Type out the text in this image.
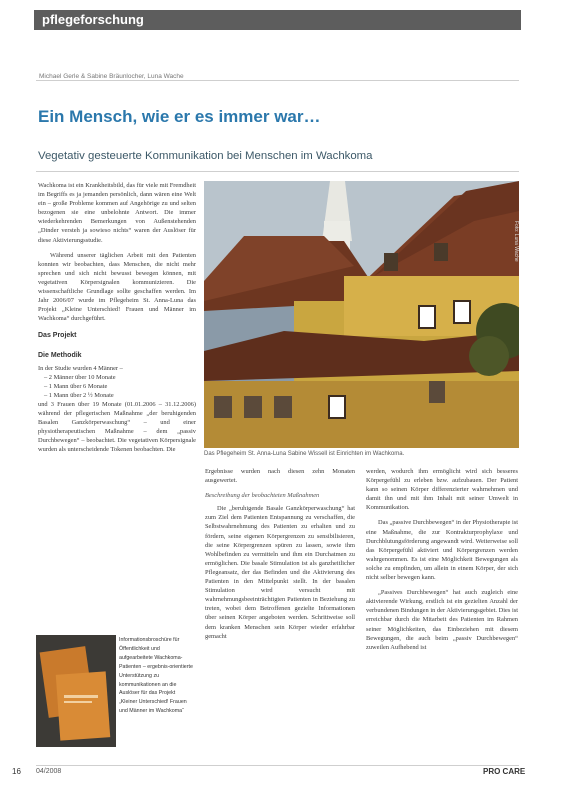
pflegeforschung
Michael Gerle & Sabine Bräunlocher, Luna Wache
Ein Mensch, wie er es immer war…
Vegetativ gesteuerte Kommunikation bei Menschen im Wachkoma

Wachkoma ist ein Krankheitsbild, das für viele mit Fremdheit im Begriffs es ja jemanden persönlich, dann wären eine Welt ein – große Probleme kommen auf Angehörige zu und selten bezogenen sie eine unbelohnte Antwort. Die immer wiederkehrenden Bemerkungen von Außenstehenden „Dinder versteh ja sowieso nichts“ waren der Auslöser für diese Aktivierungsstudie.

Während unserer täglichen Arbeit mit den Patienten konnten wir beobachten, dass Menschen, die nicht mehr sprechen und sich nicht bewusst bewegen können, mit vegetativen Körpersignalen kommunizieren. Die wissenschaftliche Grundlage sollte geschaffen werden. Im Jahr 2006/07 wurde im Pflegeheim St. Anna-Luna das Projekt „Kleine Unterschied! Frauen und Männer im Wachkoma“ durchgeführt.

Das Projekt

Die Methodik

In der Studie wurden 4 Männer –

– 2 Männer über 10 Monate
– 1 Mann über 6 Monate
– 1 Mann über 2 ½ Monate

und 3 Frauen über 19 Monate (01.01.2006 – 31.12.2006) während der pflegerischen Maßnahme „der beruhigenden Basalen Ganzkörperwaschung“ – und einer physiotherapeutischen Maßnahme – dem „passiv Durchbewegen“ – beobachtet. Die vegetativen Körpersignale wurden als unterscheidende Tokenen beobachten. Die

Foto: Luna Wache
Das Pflegeheim St. Anna-Luna Sabine Wissell ist Einrichten im Wachkoma.

Ergebnisse wurden nach diesen zehn Monaten ausgewertet.

Beschreibung der beobachteten Maßnahmen

Die „beruhigende Basale Ganzkörperwaschung“ hat zum Ziel dem Patienten Entspannung zu verschaffen, die Selbstwahrnehmung des Patienten zu erhalten und zu fördern, seine eigenen Körpergrenzen zu sensibilisieren, die seine Körpergrenzen spüren zu lassen, sowie ihm Wohlbefinden zu vermitteln und ihm ein Durchatmen zu ermöglichen. Die basale Stimulation ist als ganzheitlicher Pflegeansatz, der das Befinden und die Aktivierung des Patienten in den Mittelpunkt stellt. In der basalen Stimulation wird versucht mit wahrnehmungsbeeinträchtigten Patienten in Beziehung zu treten, wobei dem Betroffenen gezielte Informationen über seinen Körper angeboten werden. Schrittweise soll dem kranken Menschen sein Körper wieder erfahrbar gemacht

werden, wodurch ihm ermöglicht wird sich besseres Körpergefühl zu erleben bzw. aufzubauen. Der Patient kann so seinen Körper differenzierter wahrnehmen und damit ihn und mit ihm Inhalt mit seiner Umwelt in Kommunikation.

Das „passive Durchbewegen“ in der Physiotherapie ist eine Maßnahme, die zur Kontrakturprophylaxe und Durchblutungsförderung angewandt wird. Weiterweise soll das Körpergefühl aktiviert und Körpergrenzen werden wahrgenommen. Es ist eine Möglichkeit Bewegungen als solche zu empfinden, um allein in einem Körper, der sich nicht selber bewegen kann.

„Passives Durchbewegen“ hat auch zugleich eine aktivierende Wirkung, erstlich ist ein gezielten Anzahl der verbundenen Bindungen in der Aktivierungsgebiet. Dies ist erreichbar durch die Mitarbeit des Patienten im Rahmen seiner Möglichkeiten, das Einbeziehen mit diesem Bewegungen, die auch beim „passiv Durchbewegen“ zuweilen Aufhebend ist

Informationsbroschüre für Öffentlichkeit und aufgearbeitete Wachkoma-Patienten – ergebnis-orientierte Unterstützung zu kommunikationen an die Auslöser für das Projekt „Kleiner Unterschied! Frauen und Männer im Wachkoma“
16 04/2008	PRO CARE
